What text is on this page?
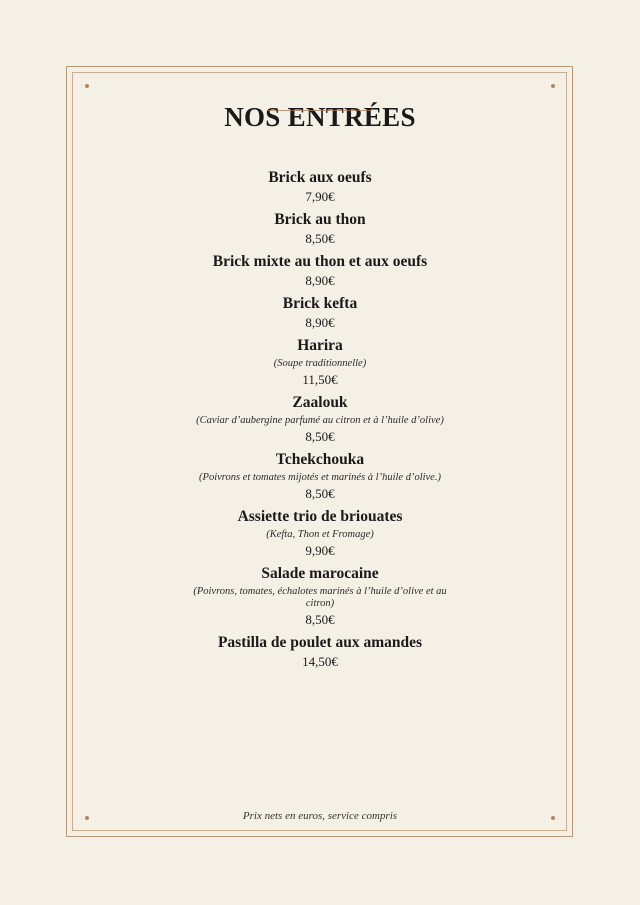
NOS ENTRÉES
Brick aux oeufs
7,90€
Brick au thon
8,50€
Brick mixte au thon et aux oeufs
8,90€
Brick kefta
8,90€
Harira
(Soupe traditionnelle)
11,50€
Zaalouk
(Caviar d’aubergine parfumé au citron et à l’huile d’olive)
8,50€
Tchekchouka
(Poivrons et tomates mijotés et marinés à l’huile d’olive.)
8,50€
Assiette trio de briouates
(Kefta, Thon et Fromage)
9,90€
Salade marocaine
(Poivrons, tomates, échalotes marinés à l’huile d’olive et au citron)
8,50€
Pastilla de poulet aux amandes
14,50€
Prix nets en euros, service compris
